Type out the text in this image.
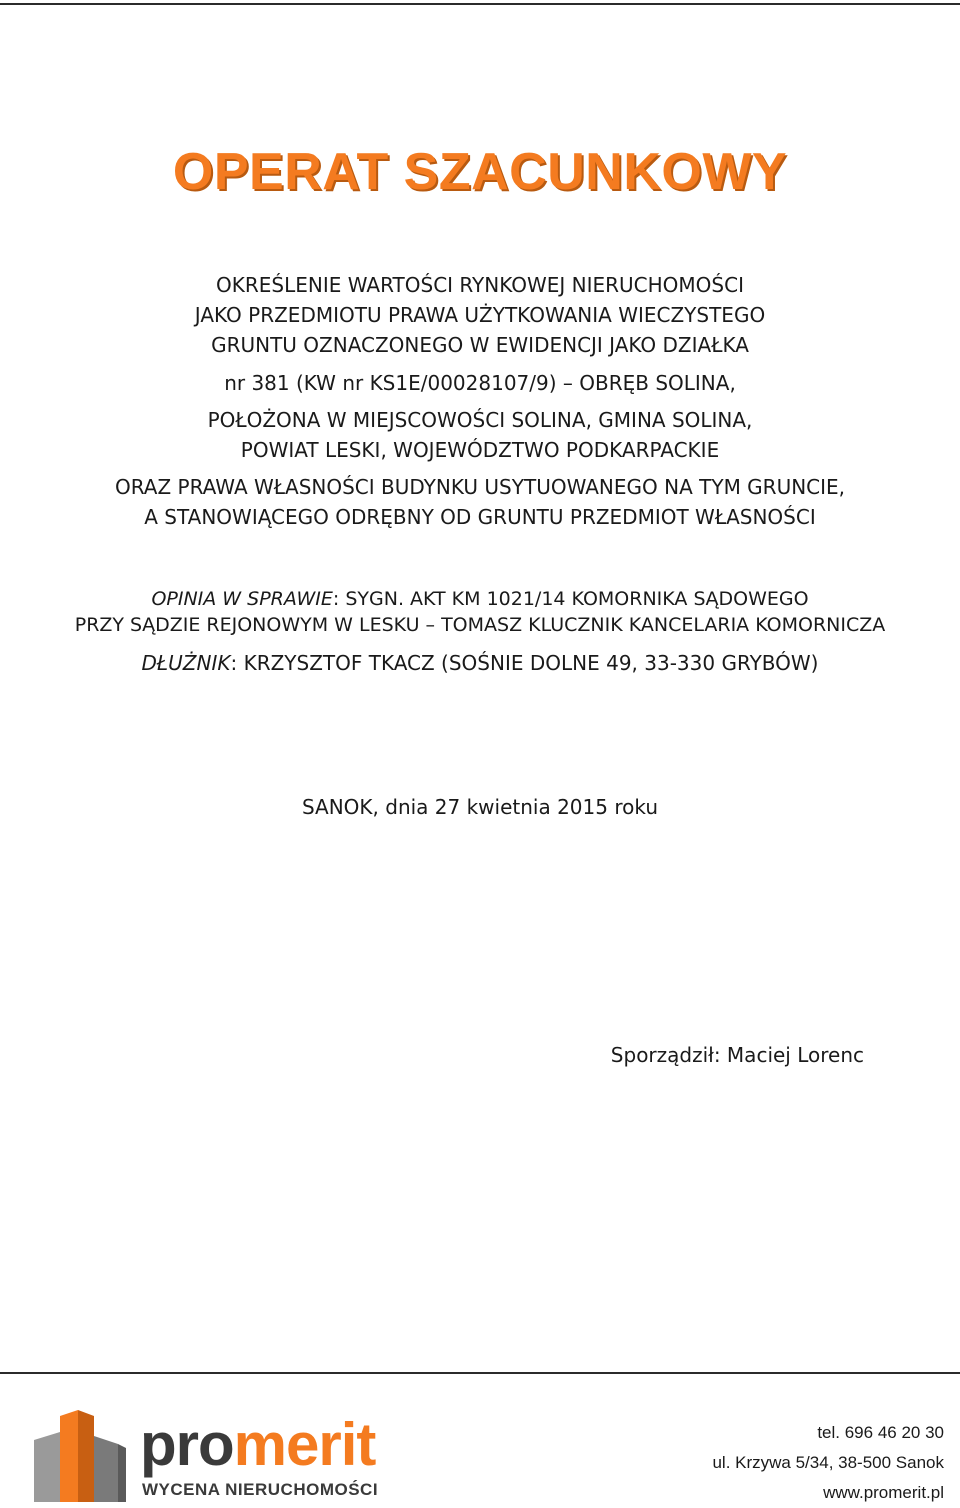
OPERAT SZACUNKOWY
OKREŚLENIE WARTOŚCI RYNKOWEJ NIERUCHOMOŚCI
JAKO PRZEDMIOTU PRAWA UŻYTKOWANIA WIECZYSTEGO
GRUNTU OZNACZONEGO W EWIDENCJI JAKO DZIAŁKA
nr 381 (KW nr KS1E/00028107/9) – OBRĘB SOLINA,
POŁOŻONA W MIEJSCOWOŚCI SOLINA, GMINA SOLINA,
POWIAT LESKI, WOJEWÓDZTWO PODKARPACKIE
ORAZ PRAWA WŁASNOŚCI BUDYNKU USYTUOWANEGO NA TYM GRUNCIE,
A STANOWIĄCEGO ODRĘBNY OD GRUNTU PRZEDMIOT WŁASNOŚCI
OPINIA W SPRAWIE: SYGN. AKT KM 1021/14 KOMORNIKA SĄDOWEGO
PRZY SĄDZIE REJONOWYM W LESKU – TOMASZ KLUCZNIK KANCELARIA KOMORNICZA
DŁUŻNIK: KRZYSZTOF TKACZ (SOŚNIE DOLNE 49, 33-330 GRYBÓW)
SANOK, dnia 27 kwietnia 2015 roku
Sporządził: Maciej Lorenc
promerit
WYCENA NIERUCHOMOŚCI
tel. 696 46 20 30
ul. Krzywa 5/34, 38-500 Sanok
www.promerit.pl
